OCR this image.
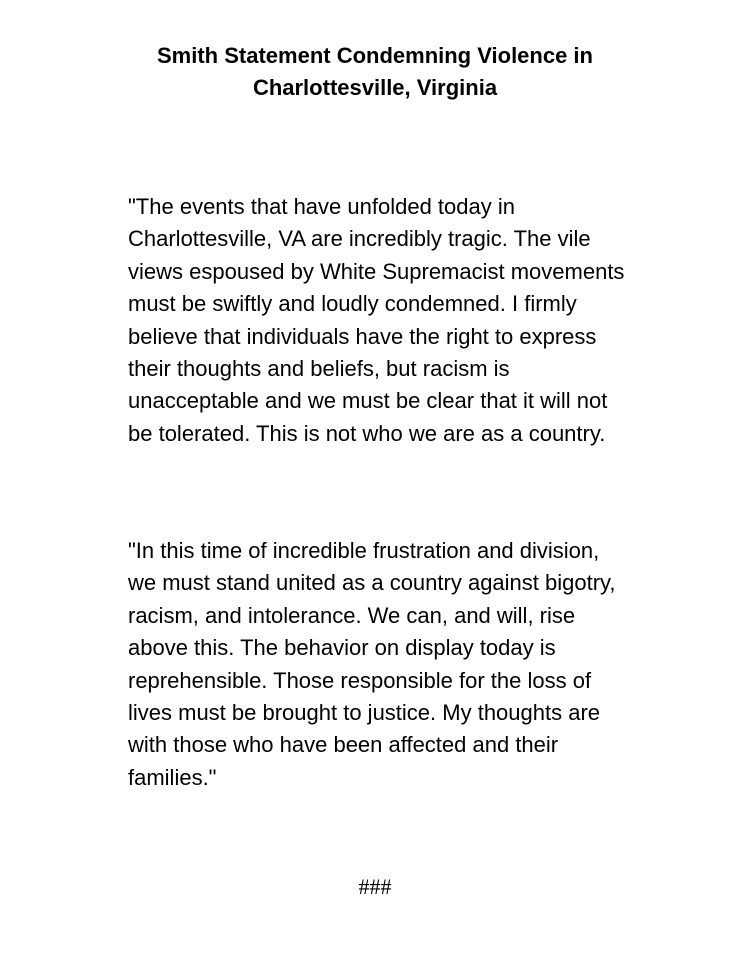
Smith Statement Condemning Violence in
Charlottesville, Virginia

"The events that have unfolded today in
Charlottesville, VA are incredibly tragic. The vile
views espoused by White Supremacist movements
must be swiftly and loudly condemned. I firmly
believe that individuals have the right to express
their thoughts and beliefs, but racism is
unacceptable and we must be clear that it will not
be tolerated. This is not who we are as a country.

"In this time of incredible frustration and division,
we must stand united as a country against bigotry,
racism, and intolerance. We can, and will, rise
above this. The behavior on display today is
reprehensible. Those responsible for the loss of
lives must be brought to justice. My thoughts are
with those who have been affected and their
families."

###
